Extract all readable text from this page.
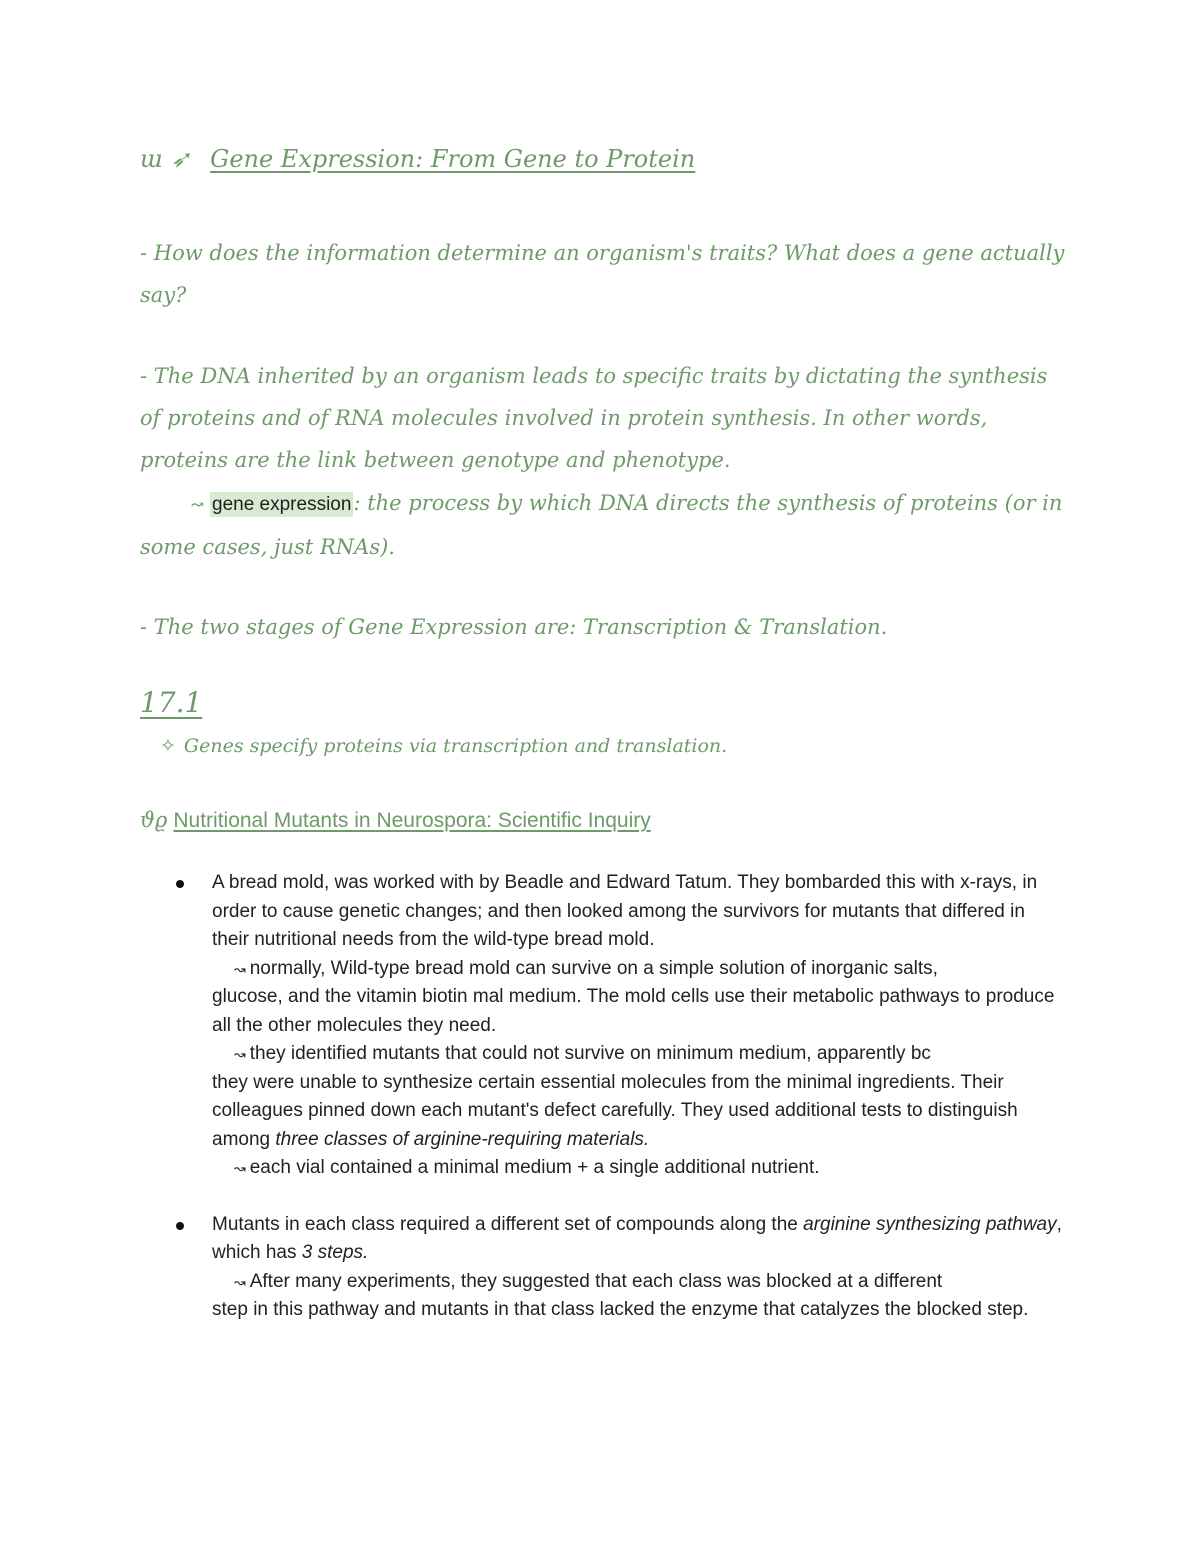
ɯ ➶ Gene Expression: From Gene to Protein
- How does the information determine an organism's traits? What does a gene actually say?
- The DNA inherited by an organism leads to specific traits by dictating the synthesis of proteins and of RNA molecules involved in protein synthesis. In other words, proteins are the link between genotype and phenotype.
↝ gene expression: the process by which DNA directs the synthesis of proteins (or in some cases, just RNAs).
- The two stages of Gene Expression are: Transcription & Translation.
17.1
✧ Genes specify proteins via transcription and translation.
ϑϱ Nutritional Mutants in Neurospora: Scientific Inquiry
A bread mold, was worked with by Beadle and Edward Tatum. They bombarded this with x-rays, in order to cause genetic changes; and then looked among the survivors for mutants that differed in their nutritional needs from the wild-type bread mold.
↝ normally, Wild-type bread mold can survive on a simple solution of inorganic salts,
glucose, and the vitamin biotin mal medium. The mold cells use their metabolic pathways to produce all the other molecules they need.
↝ they identified mutants that could not survive on minimum medium, apparently bc
they were unable to synthesize certain essential molecules from the minimal ingredients. Their colleagues pinned down each mutant's defect carefully. They used additional tests to distinguish among three classes of arginine-requiring materials.
↝ each vial contained a minimal medium + a single additional nutrient.
Mutants in each class required a different set of compounds along the arginine synthesizing pathway, which has 3 steps.
↝ After many experiments, they suggested that each class was blocked at a different
step in this pathway and mutants in that class lacked the enzyme that catalyzes the blocked step.
